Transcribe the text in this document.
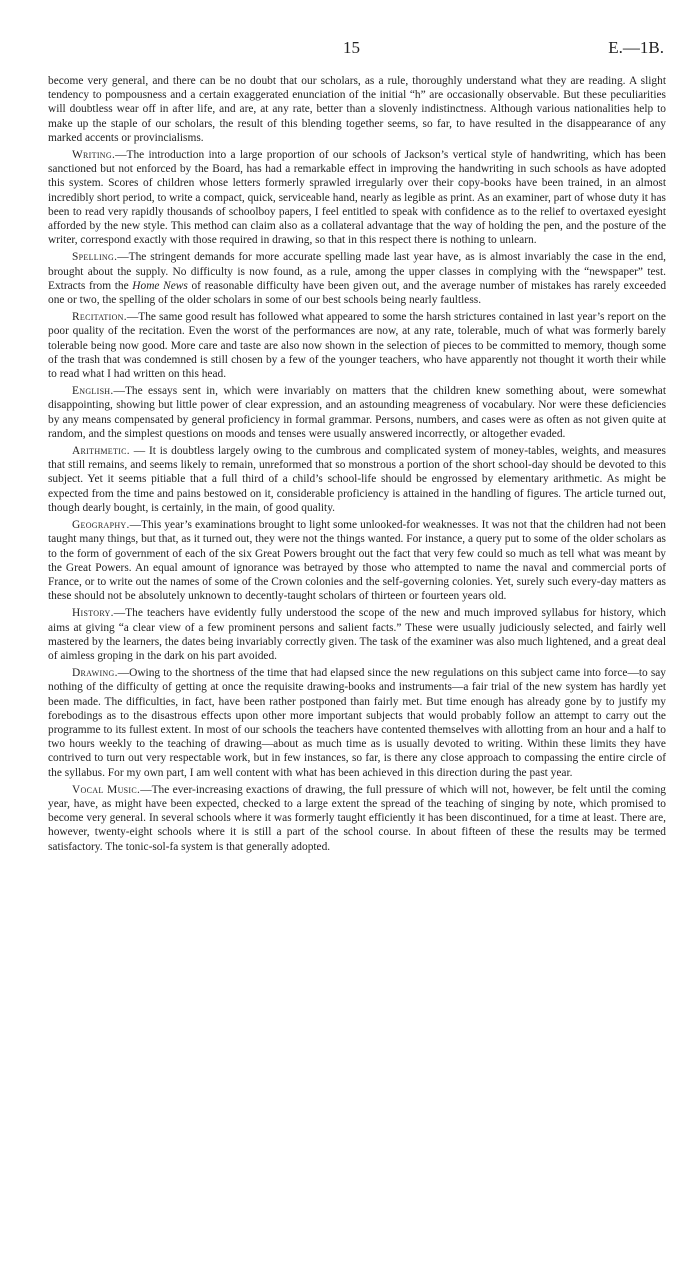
15	E.—1B.

become very general, and there can be no doubt that our scholars, as a rule, thoroughly understand what they are reading. A slight tendency to pompousness and a certain exaggerated enunciation of the initial “h” are occasionally observable. But these peculiarities will doubtless wear off in after life, and are, at any rate, better than a slovenly indistinctness. Although various nationalities help to make up the staple of our scholars, the result of this blending together seems, so far, to have resulted in the disappearance of any marked accents or provincialisms.

Writing.—The introduction into a large proportion of our schools of Jackson’s vertical style of handwriting, which has been sanctioned but not enforced by the Board, has had a remarkable effect in improving the handwriting in such schools as have adopted this system. Scores of children whose letters formerly sprawled irregularly over their copy-books have been trained, in an almost incredibly short period, to write a compact, quick, serviceable hand, nearly as legible as print. As an examiner, part of whose duty it has been to read very rapidly thousands of schoolboy papers, I feel entitled to speak with confidence as to the relief to overtaxed eyesight afforded by the new style. This method can claim also as a collateral advantage that the way of holding the pen, and the posture of the writer, correspond exactly with those required in drawing, so that in this respect there is nothing to unlearn.

Spelling.—The stringent demands for more accurate spelling made last year have, as is almost invariably the case in the end, brought about the supply. No difficulty is now found, as a rule, among the upper classes in complying with the “newspaper” test. Extracts from the Home News of reasonable difficulty have been given out, and the average number of mistakes has rarely exceeded one or two, the spelling of the older scholars in some of our best schools being nearly faultless.

Recitation.—The same good result has followed what appeared to some the harsh strictures contained in last year’s report on the poor quality of the recitation. Even the worst of the performances are now, at any rate, tolerable, much of what was formerly barely tolerable being now good. More care and taste are also now shown in the selection of pieces to be committed to memory, though some of the trash that was condemned is still chosen by a few of the younger teachers, who have apparently not thought it worth their while to read what I had written on this head.

English.—The essays sent in, which were invariably on matters that the children knew something about, were somewhat disappointing, showing but little power of clear expression, and an astounding meagreness of vocabulary. Nor were these deficiencies by any means compensated by general proficiency in formal grammar. Persons, numbers, and cases were as often as not given quite at random, and the simplest questions on moods and tenses were usually answered incorrectly, or altogether evaded.

Arithmetic. — It is doubtless largely owing to the cumbrous and complicated system of money-tables, weights, and measures that still remains, and seems likely to remain, unreformed that so monstrous a portion of the short school-day should be devoted to this subject. Yet it seems pitiable that a full third of a child’s school-life should be engrossed by elementary arithmetic. As might be expected from the time and pains bestowed on it, considerable proficiency is attained in the handling of figures. The article turned out, though dearly bought, is certainly, in the main, of good quality.

Geography.—This year’s examinations brought to light some unlooked-for weaknesses. It was not that the children had not been taught many things, but that, as it turned out, they were not the things wanted. For instance, a query put to some of the older scholars as to the form of government of each of the six Great Powers brought out the fact that very few could so much as tell what was meant by the Great Powers. An equal amount of ignorance was betrayed by those who attempted to name the naval and commercial ports of France, or to write out the names of some of the Crown colonies and the self-governing colonies. Yet, surely such every-day matters as these should not be absolutely unknown to decently-taught scholars of thirteen or fourteen years old.

History.—The teachers have evidently fully understood the scope of the new and much improved syllabus for history, which aims at giving “a clear view of a few prominent persons and salient facts.” These were usually judiciously selected, and fairly well mastered by the learners, the dates being invariably correctly given. The task of the examiner was also much lightened, and a great deal of aimless groping in the dark on his part avoided.

Drawing.—Owing to the shortness of the time that had elapsed since the new regulations on this subject came into force—to say nothing of the difficulty of getting at once the requisite drawing-books and instruments—a fair trial of the new system has hardly yet been made. The difficulties, in fact, have been rather postponed than fairly met. But time enough has already gone by to justify my forebodings as to the disastrous effects upon other more important subjects that would probably follow an attempt to carry out the programme to its fullest extent. In most of our schools the teachers have contented themselves with allotting from an hour and a half to two hours weekly to the teaching of drawing—about as much time as is usually devoted to writing. Within these limits they have contrived to turn out very respectable work, but in few instances, so far, is there any close approach to compassing the entire circle of the syllabus. For my own part, I am well content with what has been achieved in this direction during the past year.

Vocal Music.—The ever-increasing exactions of drawing, the full pressure of which will not, however, be felt until the coming year, have, as might have been expected, checked to a large extent the spread of the teaching of singing by note, which promised to become very general. In several schools where it was formerly taught efficiently it has been discontinued, for a time at least. There are, however, twenty-eight schools where it is still a part of the school course. In about fifteen of these the results may be termed satisfactory. The tonic-sol-fa system is that generally adopted.
